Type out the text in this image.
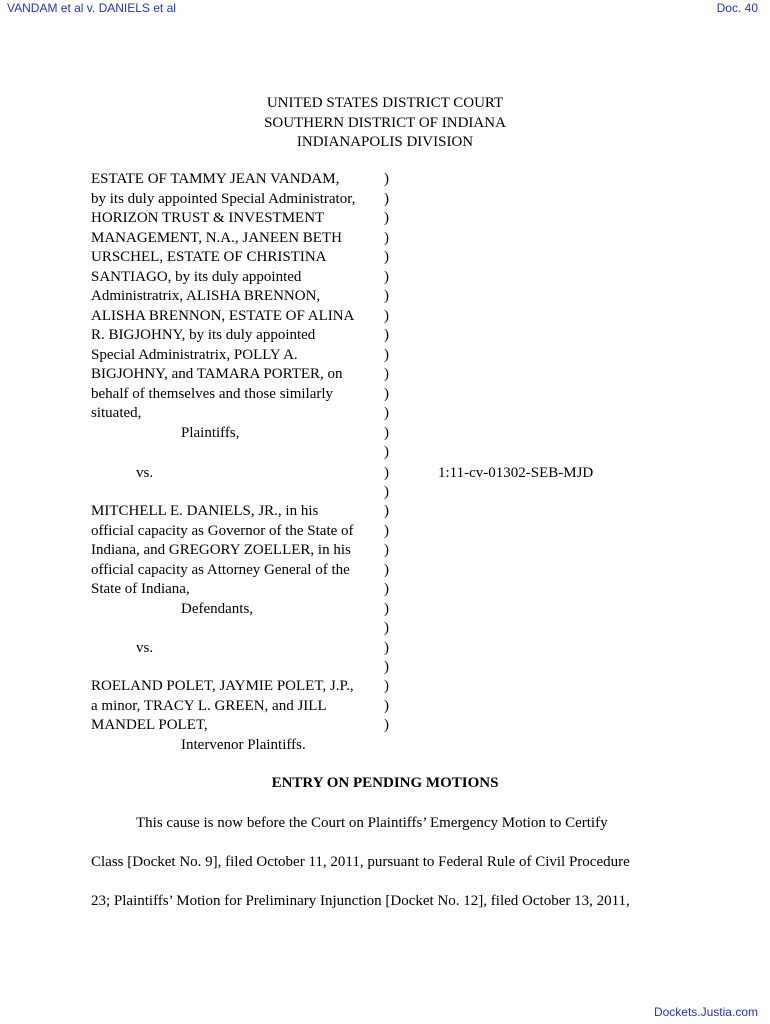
VANDAM et al v. DANIELS et al	Doc. 40
UNITED STATES DISTRICT COURT
SOUTHERN DISTRICT OF INDIANA
INDIANAPOLIS DIVISION
ESTATE OF TAMMY JEAN VANDAM,
by its duly appointed Special Administrator,
HORIZON TRUST & INVESTMENT
MANAGEMENT, N.A., JANEEN BETH
URSCHEL, ESTATE OF CHRISTINA
SANTIAGO, by its duly appointed
Administratrix, ALISHA BRENNON,
ALISHA BRENNON, ESTATE OF ALINA
R. BIGJOHNY, by its duly appointed
Special Administratrix, POLLY A.
BIGJOHNY, and TAMARA PORTER, on
behalf of themselves and those similarly
situated,
Plaintiffs,
vs.
MITCHELL E. DANIELS, JR., in his
official capacity as Governor of the State of
Indiana, and GREGORY ZOELLER, in his
official capacity as Attorney General of the
State of Indiana,
Defendants,
vs.
ROELAND POLET, JAYMIE POLET, J.P.,
a minor, TRACY L. GREEN, and JILL
MANDEL POLET,
Intervenor Plaintiffs.
)
)
)
)
)
)
)
)
)
)
)
)
)
)
)
)
)
)
)
)
)
)
)
)
)
)
)
)
)
1:11-cv-01302-SEB-MJD
ENTRY ON PENDING MOTIONS
This cause is now before the Court on Plaintiffs’ Emergency Motion to Certify
Class [Docket No. 9], filed October 11, 2011, pursuant to Federal Rule of Civil Procedure
23; Plaintiffs’ Motion for Preliminary Injunction [Docket No. 12], filed October 13, 2011,
Dockets.Justia.com
